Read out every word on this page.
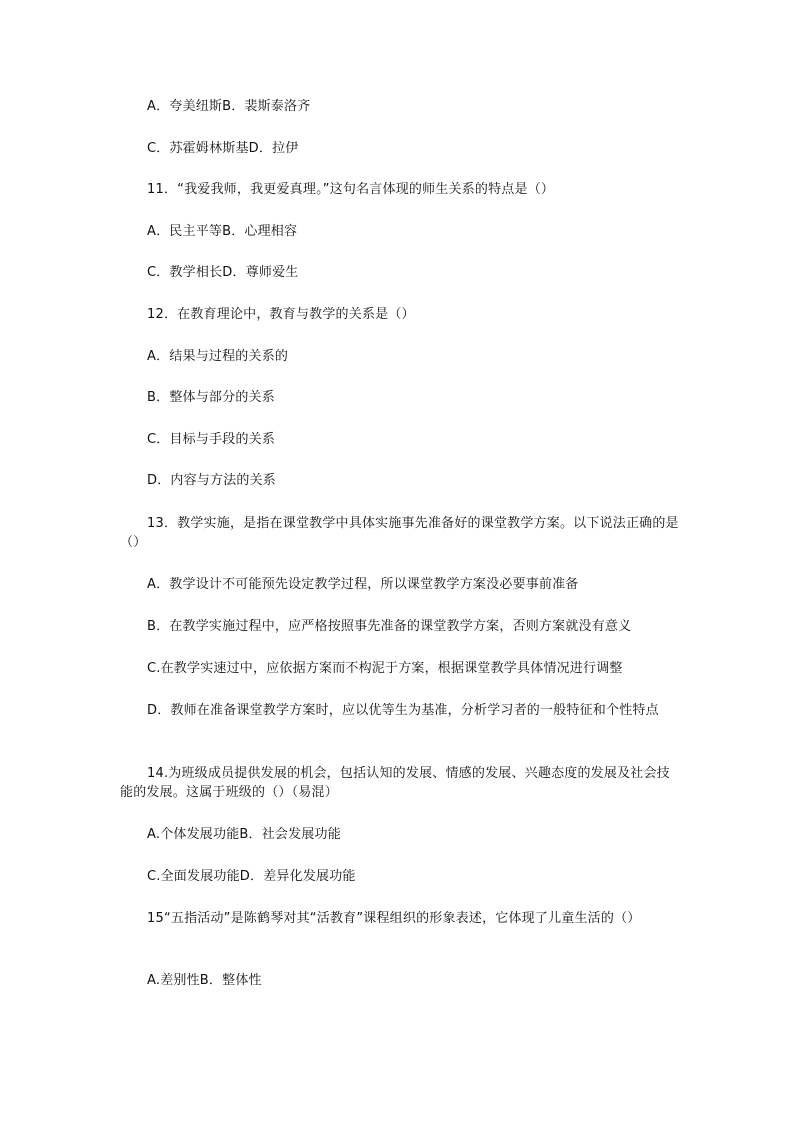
A．夸美纽斯B．裴斯泰洛齐
C．苏霍姆林斯基D．拉伊
11．“我爱我师，我更爱真理。”这句名言体现的师生关系的特点是（）
A．民主平等B．心理相容
C．教学相长D．尊师爱生
12．在教育理论中，教育与教学的关系是（）
A．结果与过程的关系的
B．整体与部分的关系
C．目标与手段的关系
D．内容与方法的关系
13．教学实施，是指在课堂教学中具体实施事先准备好的课堂教学方案。以下说法正确的是（）
A．教学设计不可能预先设定教学过程，所以课堂教学方案没必要事前准备
B．在教学实施过程中，应严格按照事先准备的课堂教学方案，否则方案就没有意义
C.在教学实速过中，应依据方案而不构泥于方案，根据课堂教学具体情况进行调整
D．教师在准备课堂教学方案时，应以优等生为基准，分析学习者的一般特征和个性特点
14.为班级成员提供发展的机会，包括认知的发展、情感的发展、兴趣态度的发展及社会技能的发展。这属于班级的（）（易混）
A.个体发展功能B．社会发展功能
C.全面发展功能D．差异化发展功能
15“五指活动”是陈鹤琴对其“活教育”课程组织的形象表述，它体现了儿童生活的（）
A.差别性B．整体性
